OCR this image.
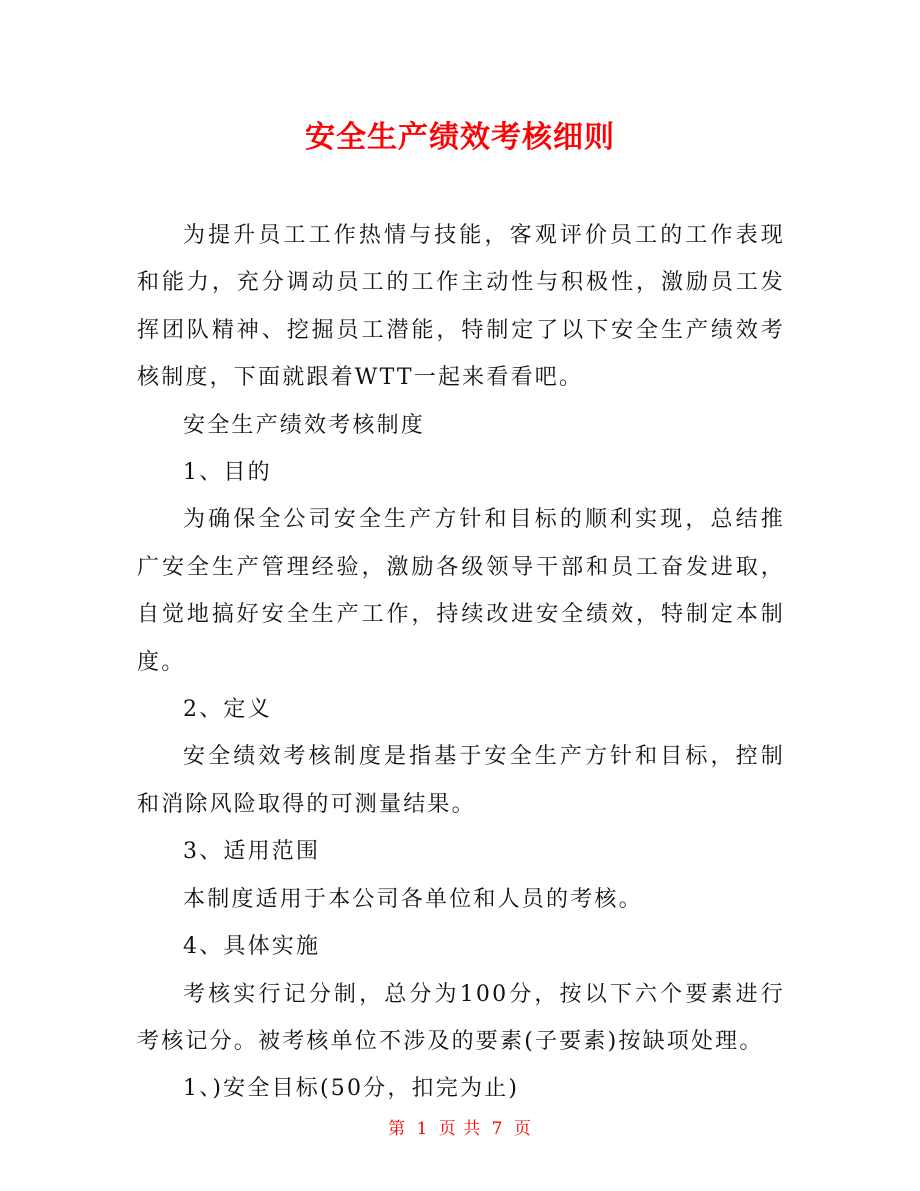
安全生产绩效考核细则

为提升员工工作热情与技能，客观评价员工的工作表现和能力，充分调动员工的工作主动性与积极性，激励员工发挥团队精神、挖掘员工潜能，特制定了以下安全生产绩效考核制度，下面就跟着WTT一起来看看吧。

安全生产绩效考核制度

1、目的

为确保全公司安全生产方针和目标的顺利实现，总结推广安全生产管理经验，激励各级领导干部和员工奋发进取，自觉地搞好安全生产工作，持续改进安全绩效，特制定本制度。

2、定义

安全绩效考核制度是指基于安全生产方针和目标，控制和消除风险取得的可测量结果。

3、适用范围

本制度适用于本公司各单位和人员的考核。

4、具体实施

考核实行记分制，总分为100分，按以下六个要素进行考核记分。被考核单位不涉及的要素(子要素)按缺项处理。

1、)安全目标(50分，扣完为止)

第 1 页 共 7 页
